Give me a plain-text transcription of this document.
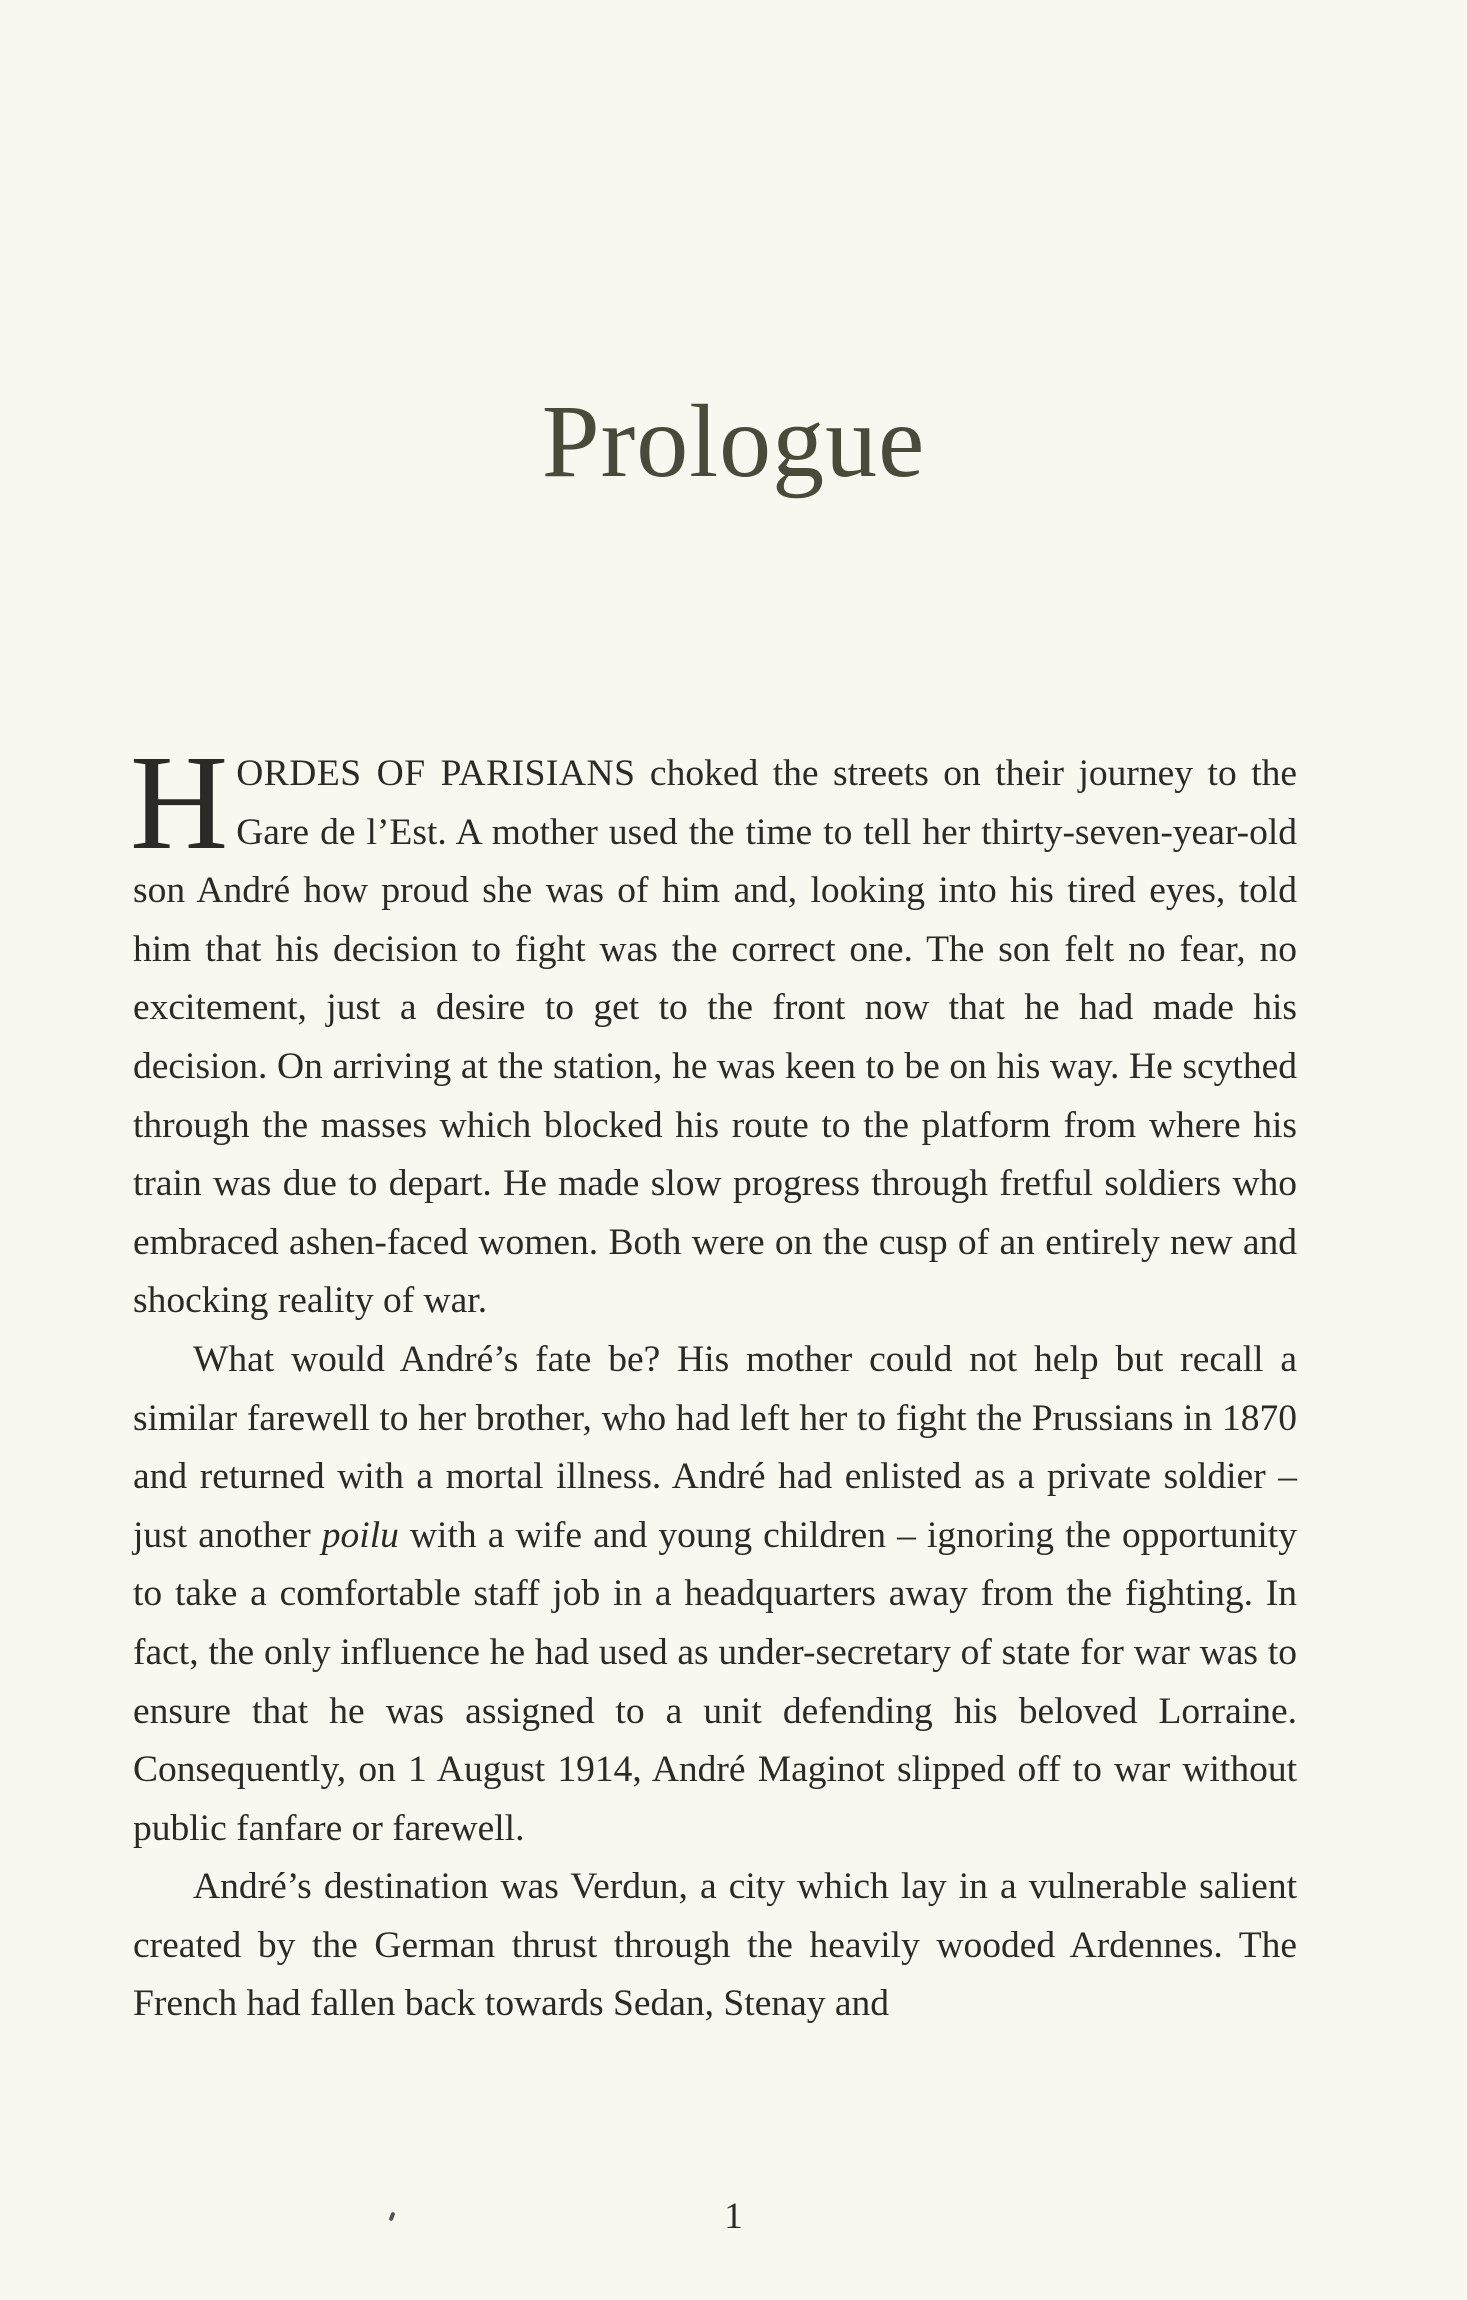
Prologue

HORDES OF PARISIANS choked the streets on their journey to the Gare de l’Est. A mother used the time to tell her thirty-seven-year-old son André how proud she was of him and, looking into his tired eyes, told him that his decision to fight was the correct one. The son felt no fear, no excitement, just a desire to get to the front now that he had made his decision. On arriving at the station, he was keen to be on his way. He scythed through the masses which blocked his route to the platform from where his train was due to depart. He made slow progress through fretful soldiers who embraced ashen-faced women. Both were on the cusp of an entirely new and shocking reality of war.

What would André’s fate be? His mother could not help but recall a similar farewell to her brother, who had left her to fight the Prussians in 1870 and returned with a mortal illness. André had enlisted as a private soldier – just another poilu with a wife and young children – ignoring the opportunity to take a comfortable staff job in a headquarters away from the fighting. In fact, the only influence he had used as under-secretary of state for war was to ensure that he was assigned to a unit defending his beloved Lorraine. Consequently, on 1 August 1914, André Maginot slipped off to war without public fanfare or farewell.

André’s destination was Verdun, a city which lay in a vulnerable salient created by the German thrust through the heavily wooded Ardennes. The French had fallen back towards Sedan, Stenay and

1
